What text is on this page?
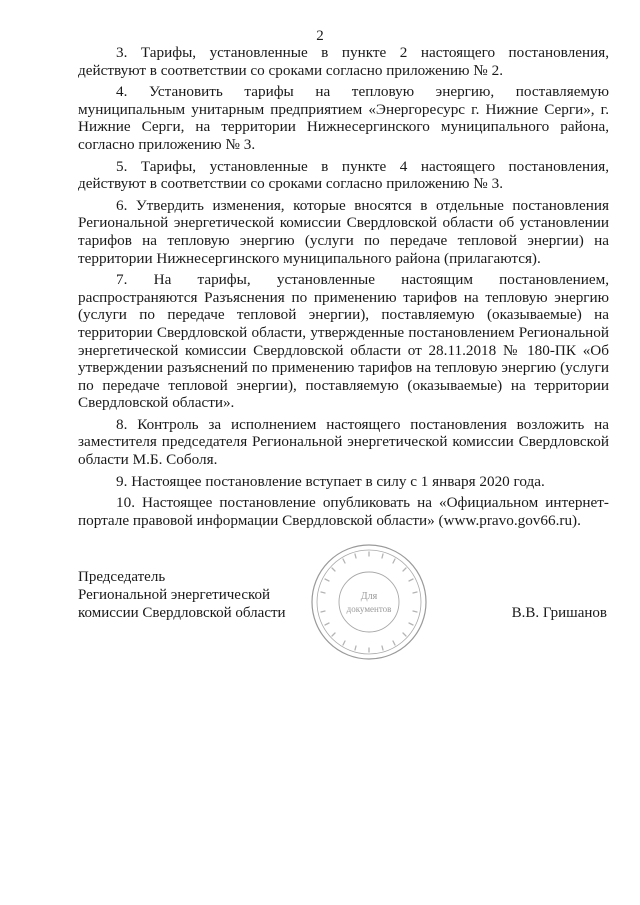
2

3. Тарифы, установленные в пункте 2 настоящего постановления, действуют в соответствии со сроками согласно приложению № 2.

4. Установить тарифы на тепловую энергию, поставляемую муниципальным унитарным предприятием «Энергоресурс г. Нижние Серги», г. Нижние Серги, на территории Нижнесергинского муниципального района, согласно приложению № 3.

5. Тарифы, установленные в пункте 4 настоящего постановления, действуют в соответствии со сроками согласно приложению № 3.

6. Утвердить изменения, которые вносятся в отдельные постановления Региональной энергетической комиссии Свердловской области об установлении тарифов на тепловую энергию (услуги по передаче тепловой энергии) на территории Нижнесергинского муниципального района (прилагаются).

7. На тарифы, установленные настоящим постановлением, распространяются Разъяснения по применению тарифов на тепловую энергию (услуги по передаче тепловой энергии), поставляемую (оказываемые) на территории Свердловской области, утвержденные постановлением Региональной энергетической комиссии Свердловской области от 28.11.2018 № 180-ПК «Об утверждении разъяснений по применению тарифов на тепловую энергию (услуги по передаче тепловой энергии), поставляемую (оказываемые) на территории Свердловской области».

8. Контроль за исполнением настоящего постановления возложить на заместителя председателя Региональной энергетической комиссии Свердловской области М.Б. Соболя.

9. Настоящее постановление вступает в силу с 1 января 2020 года.

10. Настоящее постановление опубликовать на «Официальном интернет-портале правовой информации Свердловской области» (www.pravo.gov66.ru).

Председатель
Региональной энергетической
комиссии Свердловской области
Для
документов	В.В. Гришанов
